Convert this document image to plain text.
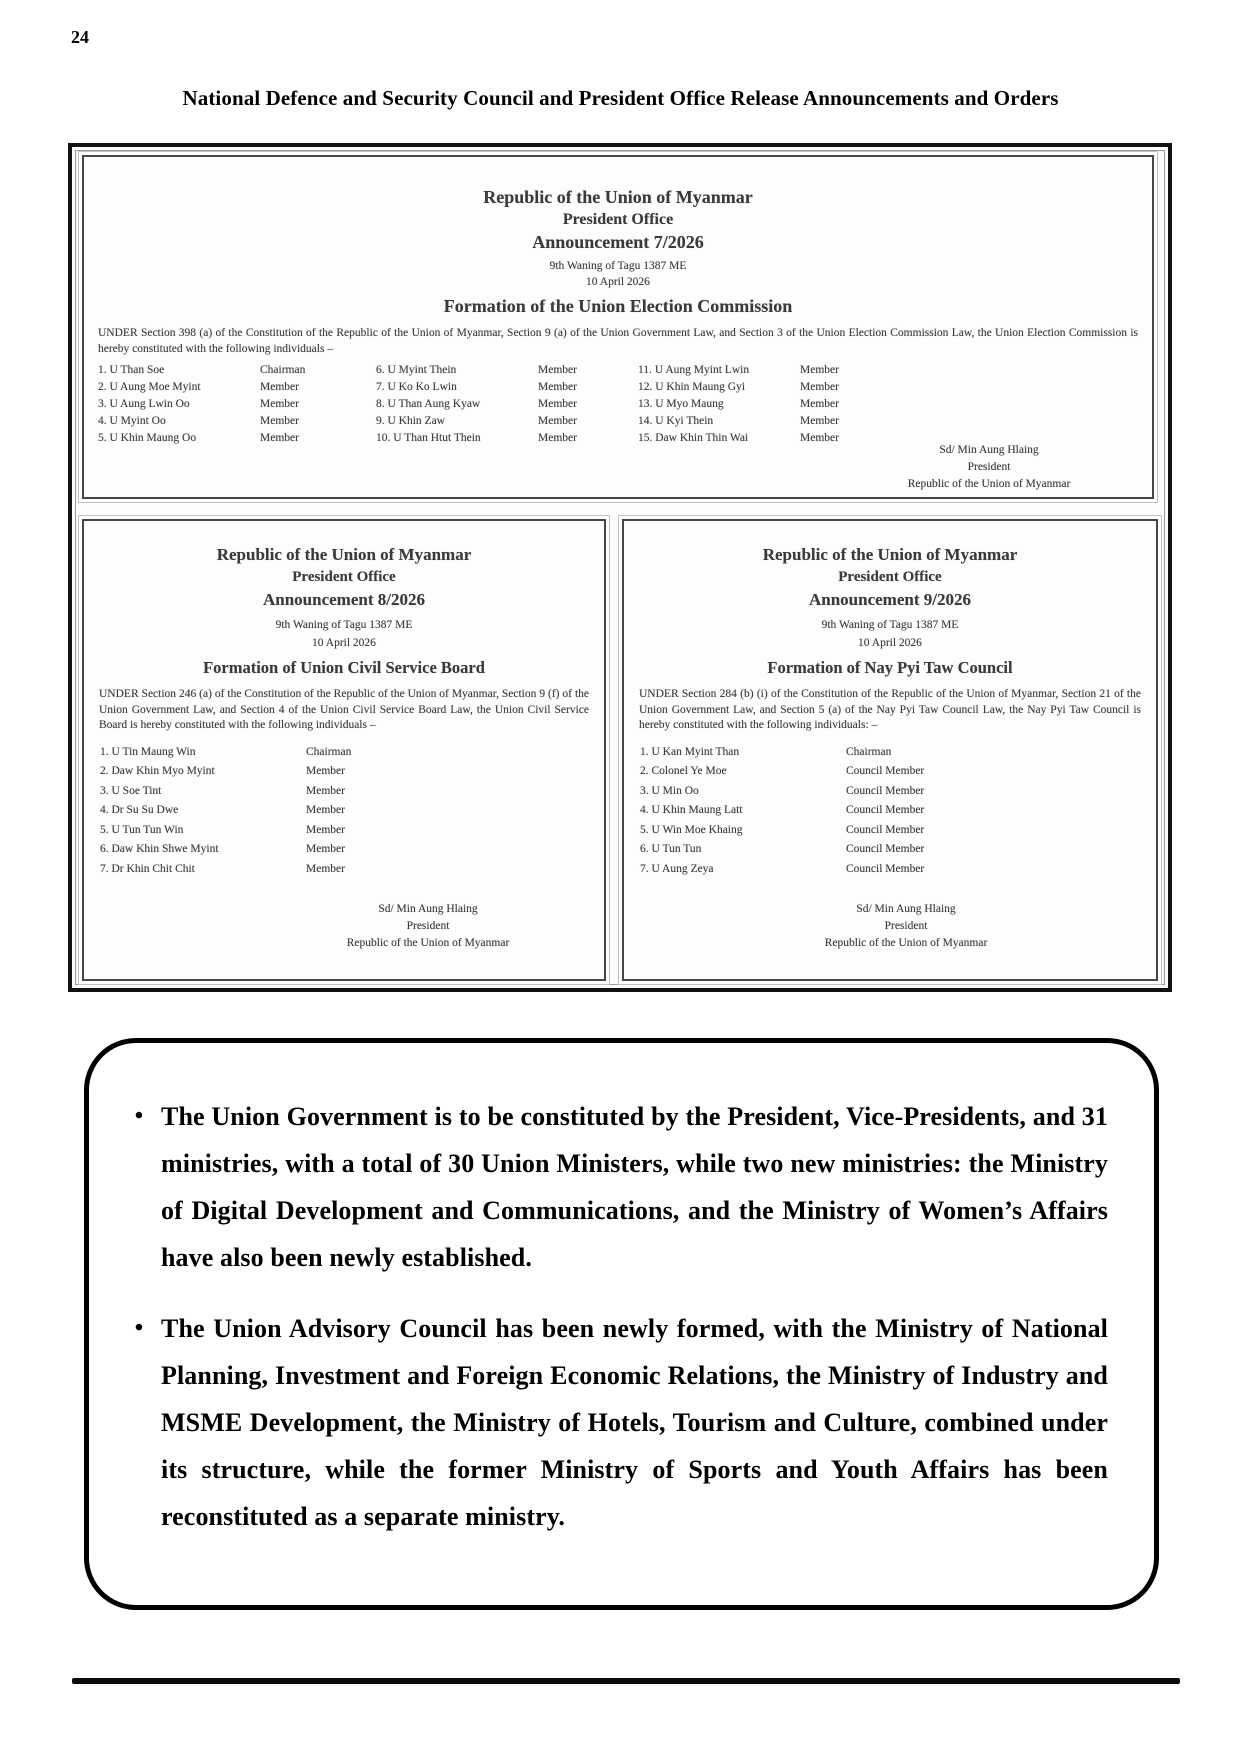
24
National Defence and Security Council and President Office Release Announcements and Orders
Republic of the Union of Myanmar
President Office
Announcement 7/2026
9th Waning of Tagu 1387 ME
10 April 2026
Formation of the Union Election Commission

UNDER Section 398 (a) of the Constitution of the Republic of the Union of Myanmar, Section 9 (a) of the Union Government Law, and Section 3 of the Union Election Commission Law, the Union Election Commission is hereby constituted with the following individuals –

1. U Than Soe	Chairman
2. U Aung Moe Myint	Member
3. U Aung Lwin Oo	Member
4. U Myint Oo	Member
5. U Khin Maung Oo	Member
6. U Myint Thein	Member
7. U Ko Ko Lwin	Member
8. U Than Aung Kyaw	Member
9. U Khin Zaw	Member
10. U Than Htut Thein	Member
11. U Aung Myint Lwin	Member
12. U Khin Maung Gyi	Member
13. U Myo Maung	Member
14. U Kyi Thein	Member
15. Daw Khin Thin Wai	Member
Sd/ Min Aung Hlaing
President
Republic of the Union of Myanmar
Republic of the Union of Myanmar
President Office
Announcement 8/2026
9th Waning of Tagu 1387 ME
10 April 2026
Formation of Union Civil Service Board

UNDER Section 246 (a) of the Constitution of the Republic of the Union of Myanmar, Section 9 (f) of the Union Government Law, and Section 4 of the Union Civil Service Board Law, the Union Civil Service Board is hereby constituted with the following individuals –

1. U Tin Maung Win	Chairman
2. Daw Khin Myo Myint	Member
3. U Soe Tint	Member
4. Dr Su Su Dwe	Member
5. U Tun Tun Win	Member
6. Daw Khin Shwe Myint	Member
7. Dr Khin Chit Chit	Member
Sd/ Min Aung Hlaing
President
Republic of the Union of Myanmar
Republic of the Union of Myanmar
President Office
Announcement 9/2026
9th Waning of Tagu 1387 ME
10 April 2026
Formation of Nay Pyi Taw Council

UNDER Section 284 (b) (i) of the Constitution of the Republic of the Union of Myanmar, Section 21 of the Union Government Law, and Section 5 (a) of the Nay Pyi Taw Council Law, the Nay Pyi Taw Council is hereby constituted with the following individuals: –

1. U Kan Myint Than	Chairman
2. Colonel Ye Moe	Council Member
3. U Min Oo	Council Member
4. U Khin Maung Latt	Council Member
5. U Win Moe Khaing	Council Member
6. U Tun Tun	Council Member
7. U Aung Zeya	Council Member
Sd/ Min Aung Hlaing
President
Republic of the Union of Myanmar
• The Union Government is to be constituted by the President, Vice-Presidents, and 31 ministries, with a total of 30 Union Ministers, while two new ministries: the Ministry of Digital Development and Communications, and the Ministry of Women’s Affairs have also been newly established.

• The Union Advisory Council has been newly formed, with the Ministry of National Planning, Investment and Foreign Economic Relations, the Ministry of Industry and MSME Development, the Ministry of Hotels, Tourism and Culture, combined under its structure, while the former Ministry of Sports and Youth Affairs has been reconstituted as a separate ministry.
